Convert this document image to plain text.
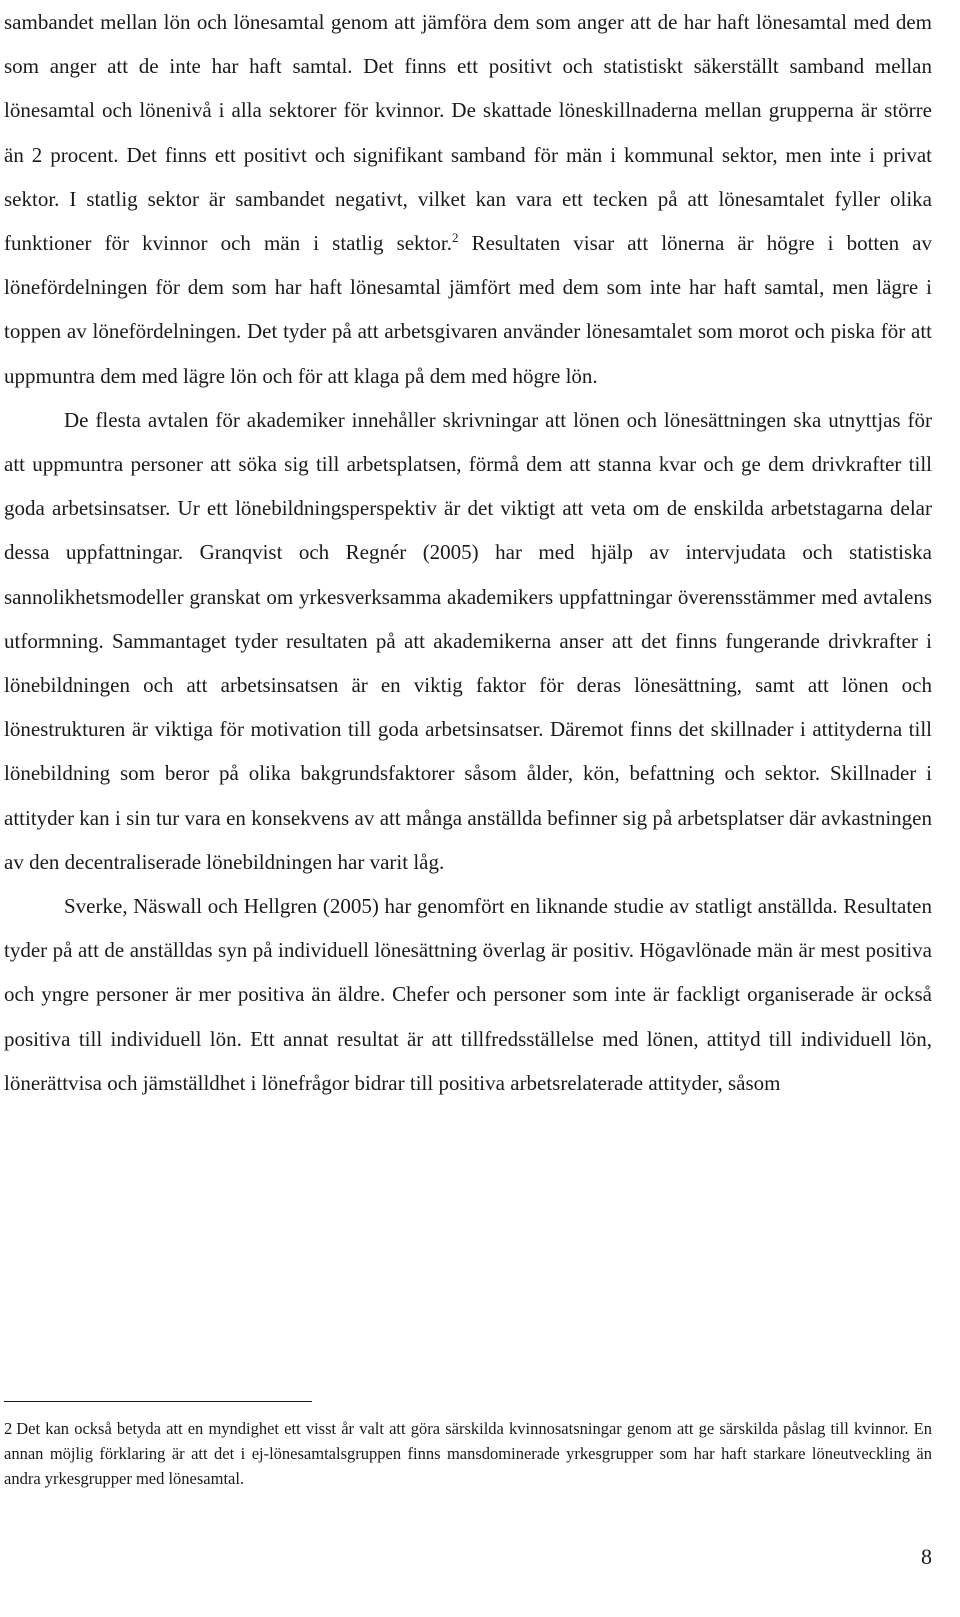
sambandet mellan lön och lönesamtal genom att jämföra dem som anger att de har haft lönesamtal med dem som anger att de inte har haft samtal. Det finns ett positivt och statistiskt säkerställt samband mellan lönesamtal och lönenivå i alla sektorer för kvinnor. De skattade löneskillnaderna mellan grupperna är större än 2 procent. Det finns ett positivt och signifikant samband för män i kommunal sektor, men inte i privat sektor. I statlig sektor är sambandet negativt, vilket kan vara ett tecken på att lönesamtalet fyller olika funktioner för kvinnor och män i statlig sektor.$^2$ Resultaten visar att lönerna är högre i botten av lönefördelningen för dem som har haft lönesamtal jämfört med dem som inte har haft samtal, men lägre i toppen av lönefördelningen. Det tyder på att arbetsgivaren använder lönesamtalet som morot och piska för att uppmuntra dem med lägre lön och för att klaga på dem med högre lön.

De flesta avtalen för akademiker innehåller skrivningar att lönen och lönesättningen ska utnyttjas för att uppmuntra personer att söka sig till arbetsplatsen, förmå dem att stanna kvar och ge dem drivkrafter till goda arbetsinsatser. Ur ett lönebildningsperspektiv är det viktigt att veta om de enskilda arbetstagarna delar dessa uppfattningar. Granqvist och Regnér (2005) har med hjälp av intervjudata och statistiska sannolikhetsmodeller granskat om yrkesverksamma akademikers uppfattningar överensstämmer med avtalens utformning. Sammantaget tyder resultaten på att akademikerna anser att det finns fungerande drivkrafter i lönebildningen och att arbetsinsatsen är en viktig faktor för deras lönesättning, samt att lönen och lönestrukturen är viktiga för motivation till goda arbetsinsatser. Däremot finns det skillnader i attityderna till lönebildning som beror på olika bakgrundsfaktorer såsom ålder, kön, befattning och sektor. Skillnader i attityder kan i sin tur vara en konsekvens av att många anställda befinner sig på arbetsplatser där avkastningen av den decentraliserade lönebildningen har varit låg.

Sverke, Näswall och Hellgren (2005) har genomfört en liknande studie av statligt anställda. Resultaten tyder på att de anställdas syn på individuell lönesättning överlag är positiv. Högavlönade män är mest positiva och yngre personer är mer positiva än äldre. Chefer och personer som inte är fackligt organiserade är också positiva till individuell lön. Ett annat resultat är att tillfredsställelse med lönen, attityd till individuell lön, lönerättvisa och jämställdhet i lönefrågor bidrar till positiva arbetsrelaterade attityder, såsom

2 Det kan också betyda att en myndighet ett visst år valt att göra särskilda kvinnosatsningar genom att ge särskilda påslag till kvinnor. En annan möjlig förklaring är att det i ej-lönesamtalsgruppen finns mansdominerade yrkesgrupper som har haft starkare löneutveckling än andra yrkesgrupper med lönesamtal.

8
